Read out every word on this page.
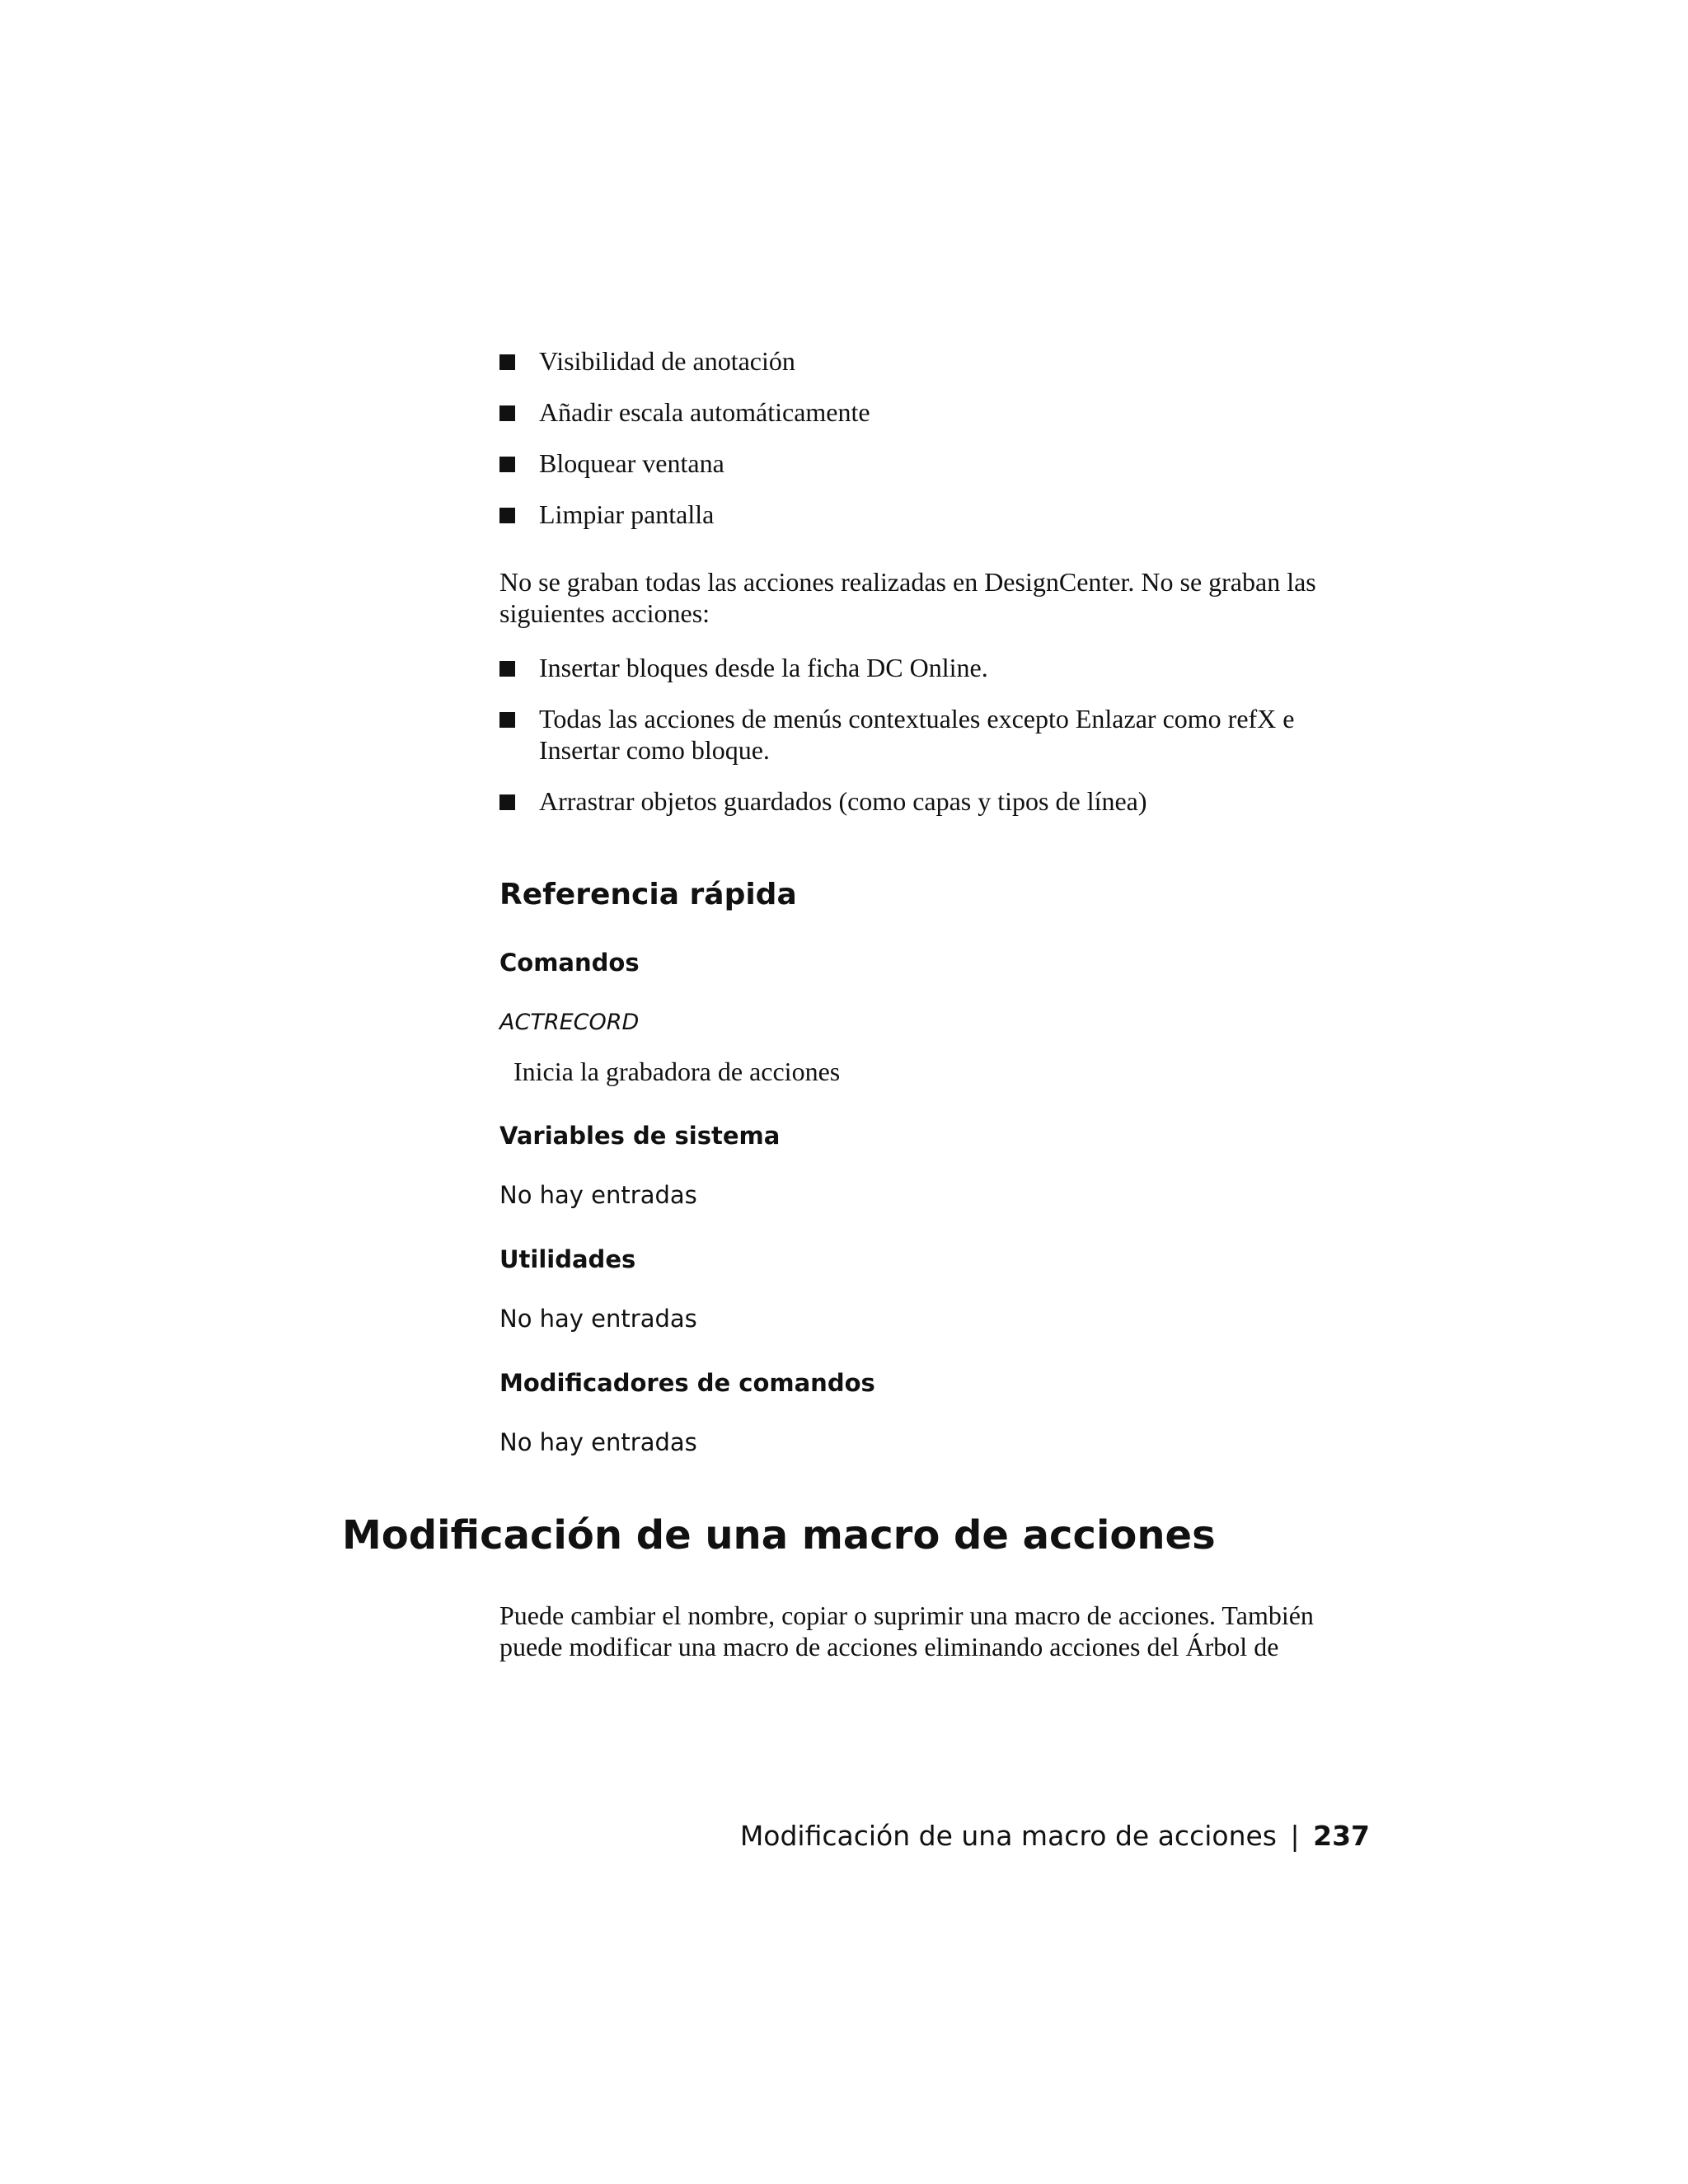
Visibilidad de anotación
Añadir escala automáticamente
Bloquear ventana
Limpiar pantalla
No se graban todas las acciones realizadas en DesignCenter. No se graban las
siguientes acciones:
Insertar bloques desde la ficha DC Online.
Todas las acciones de menús contextuales excepto Enlazar como refX e
Insertar como bloque.
Arrastrar objetos guardados (como capas y tipos de línea)
Referencia rápida
Comandos
ACTRECORD
Inicia la grabadora de acciones
Variables de sistema
No hay entradas
Utilidades
No hay entradas
Modificadores de comandos
No hay entradas
Modificación de una macro de acciones
Puede cambiar el nombre, copiar o suprimir una macro de acciones. También
puede modificar una macro de acciones eliminando acciones del Árbol de
Modificación de una macro de acciones | 237
